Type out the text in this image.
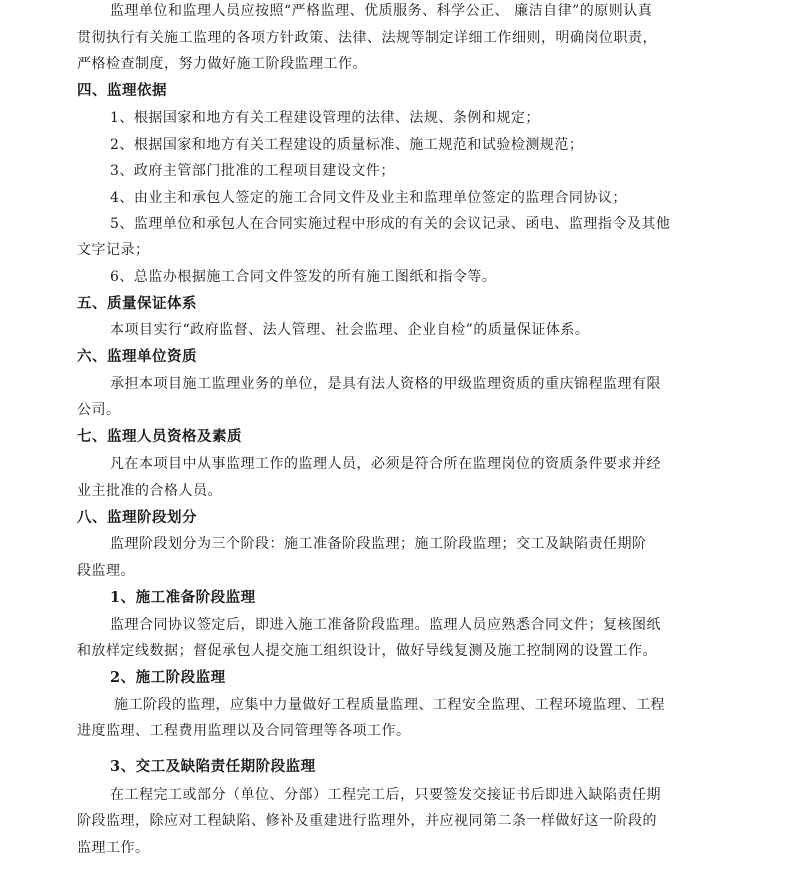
监理单位和监理人员应按照“严格监理、优质服务、科学公正、 廉洁自律”的原则认真
贯彻执行有关施工监理的各项方针政策、法律、法规等制定详细工作细则，明确岗位职责，
严格检查制度，努力做好施工阶段监理工作。
四、监理依据
1、根据国家和地方有关工程建设管理的法律、法规、条例和规定；
2、根据国家和地方有关工程建设的质量标准、施工规范和试验检测规范；
3、政府主管部门批准的工程项目建设文件；
4、由业主和承包人签定的施工合同文件及业主和监理单位签定的监理合同协议；
5、监理单位和承包人在合同实施过程中形成的有关的会议记录、函电、监理指令及其他
文字记录；
6、总监办根据施工合同文件签发的所有施工图纸和指令等。
五、质量保证体系
本项目实行“政府监督、法人管理、社会监理、企业自检”的质量保证体系。
六、监理单位资质
承担本项目施工监理业务的单位，是具有法人资格的甲级监理资质的重庆锦程监理有限
公司。
七、监理人员资格及素质
凡在本项目中从事监理工作的监理人员，必须是符合所在监理岗位的资质条件要求并经
业主批准的合格人员。
八、监理阶段划分
监理阶段划分为三个阶段：施工准备阶段监理；施工阶段监理；交工及缺陷责任期阶
段监理。
1、施工准备阶段监理
监理合同协议签定后，即进入施工准备阶段监理。监理人员应熟悉合同文件；复核图纸
和放样定线数据；督促承包人提交施工组织设计，做好导线复测及施工控制网的设置工作。
2、施工阶段监理
施工阶段的监理，应集中力量做好工程质量监理、工程安全监理、工程环境监理、工程
进度监理、工程费用监理以及合同管理等各项工作。
3、交工及缺陷责任期阶段监理
在工程完工或部分（单位、分部）工程完工后，只要签发交接证书后即进入缺陷责任期
阶段监理，除应对工程缺陷、修补及重建进行监理外，并应视同第二条一样做好这一阶段的
监理工作。
